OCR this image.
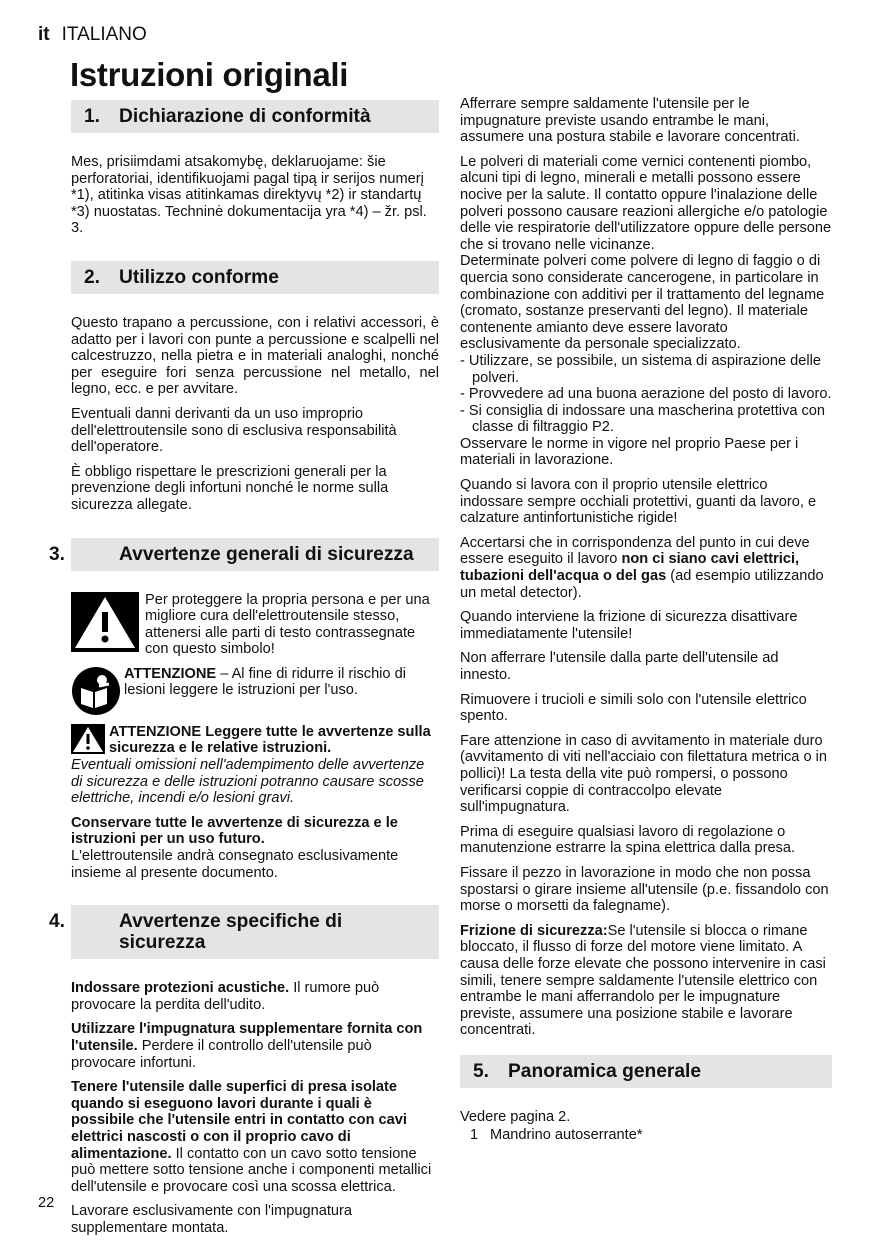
it ITALIANO
Istruzioni originali
1. Dichiarazione di conformità

Mes, prisiimdami atsakomybę, deklaruojame: šie perforatoriai, identifikuojami pagal tipą ir serijos numerį *1), atitinka visas atitinkamas direktyvų *2) ir standartų *3) nuostatas. Techninė dokumentacija yra *4) – žr. psl. 3.

2. Utilizzo conforme

Questo trapano a percussione, con i relativi accessori, è adatto per i lavori con punte a percussione e scalpelli nel calcestruzzo, nella pietra e in materiali analoghi, nonché per eseguire fori senza percussione nel metallo, nel legno, ecc. e per avvitare.

Eventuali danni derivanti da un uso improprio dell'elettroutensile sono di esclusiva responsabilità dell'operatore.

È obbligo rispettare le prescrizioni generali per la prevenzione degli infortuni nonché le norme sulla sicurezza allegate.

3.	Avvertenze generali di sicurezza

Per proteggere la propria persona e per una migliore cura dell'elettroutensile stesso, attenersi alle parti di testo contrassegnate con questo simbolo!

ATTENZIONE – Al fine di ridurre il rischio di lesioni leggere le istruzioni per l'uso.

ATTENZIONE Leggere tutte le avvertenze sulla sicurezza e le relative istruzioni.

Eventuali omissioni nell'adempimento delle avvertenze di sicurezza e delle istruzioni potranno causare scosse elettriche, incendi e/o lesioni gravi.

Conservare tutte le avvertenze di sicurezza e le istruzioni per un uso futuro.
L'elettroutensile andrà consegnato esclusivamente insieme al presente documento.

4.	Avvertenze specifiche di sicurezza

Indossare protezioni acustiche. Il rumore può provocare la perdita dell'udito.

Utilizzare l'impugnatura supplementare fornita con l'utensile. Perdere il controllo dell'utensile può provocare infortuni.

Tenere l'utensile dalle superfici di presa isolate quando si eseguono lavori durante i quali è possibile che l'utensile entri in contatto con cavi elettrici nascosti o con il proprio cavo di alimentazione. Il contatto con un cavo sotto tensione può mettere sotto tensione anche i componenti metallici dell'utensile e provocare così una scossa elettrica.

Lavorare esclusivamente con l'impugnatura supplementare montata.

Afferrare sempre saldamente l'utensile per le impugnature previste usando entrambe le mani, assumere una postura stabile e lavorare concentrati.

Le polveri di materiali come vernici contenenti piombo, alcuni tipi di legno, minerali e metalli possono essere nocive per la salute. Il contatto oppure l'inalazione delle polveri possono causare reazioni allergiche e/o patologie delle vie respiratorie dell'utilizzatore oppure delle persone che si trovano nelle vicinanze.

Determinate polveri come polvere di legno di faggio o di quercia sono considerate cancerogene, in particolare in combinazione con additivi per il trattamento del legname (cromato, sostanze preservanti del legno). Il materiale contenente amianto deve essere lavorato esclusivamente da personale specializzato.

- Utilizzare, se possibile, un sistema di aspirazione delle polveri.
- Provvedere ad una buona aerazione del posto di lavoro.
- Si consiglia di indossare una mascherina protettiva con classe di filtraggio P2.

Osservare le norme in vigore nel proprio Paese per i materiali in lavorazione.

Quando si lavora con il proprio utensile elettrico indossare sempre occhiali protettivi, guanti da lavoro, e calzature antinfortunistiche rigide!

Accertarsi che in corrispondenza del punto in cui deve essere eseguito il lavoro non ci siano cavi elettrici, tubazioni dell'acqua o del gas (ad esempio utilizzando un metal detector).

Quando interviene la frizione di sicurezza disattivare immediatamente l'utensile!

Non afferrare l'utensile dalla parte dell'utensile ad innesto.

Rimuovere i trucioli e simili solo con l'utensile elettrico spento.

Fare attenzione in caso di avvitamento in materiale duro (avvitamento di viti nell'acciaio con filettatura metrica o in pollici)! La testa della vite può rompersi, o possono verificarsi coppie di contraccolpo elevate sull'impugnatura.

Prima di eseguire qualsiasi lavoro di regolazione o manutenzione estrarre la spina elettrica dalla presa.

Fissare il pezzo in lavorazione in modo che non possa spostarsi o girare insieme all'utensile (p.e. fissandolo con morse o morsetti da falegname).

Frizione di sicurezza:Se l'utensile si blocca o rimane bloccato, il flusso di forze del motore viene limitato. A causa delle forze elevate che possono intervenire in casi simili, tenere sempre saldamente l'utensile elettrico con entrambe le mani afferrandolo per le impugnature previste, assumere una posizione stabile e lavorare concentrati.

5. Panoramica generale

Vedere pagina 2.

1 Mandrino autoserrante*
22
